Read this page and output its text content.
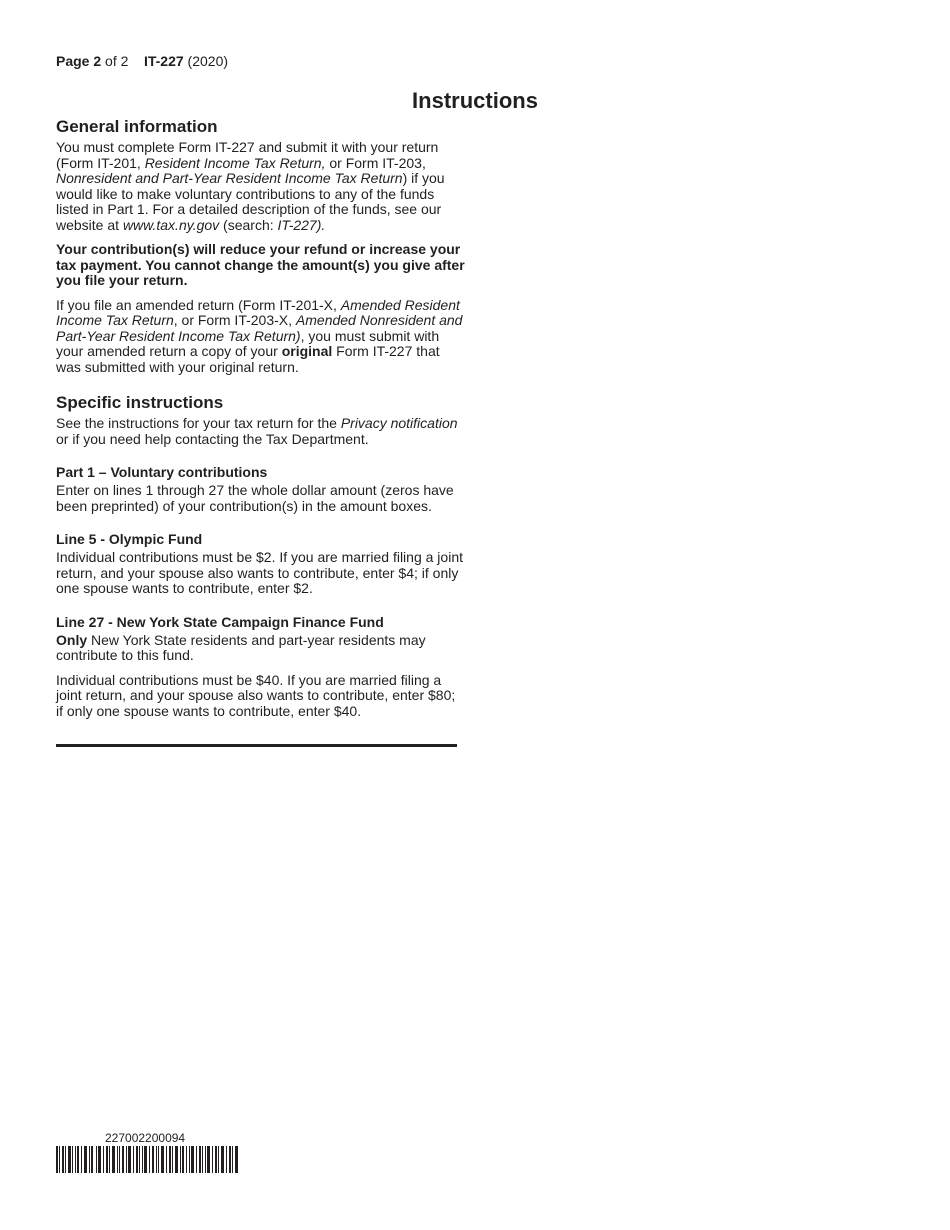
Page 2 of 2 IT-227 (2020)
Instructions
General information

You must complete Form IT-227 and submit it with your return (Form IT-201, Resident Income Tax Return, or Form IT-203, Nonresident and Part-Year Resident Income Tax Return) if you would like to make voluntary contributions to any of the funds listed in Part 1. For a detailed description of the funds, see our website at www.tax.ny.gov (search: IT-227).

Your contribution(s) will reduce your refund or increase your tax payment. You cannot change the amount(s) you give after you file your return.

If you file an amended return (Form IT-201-X, Amended Resident Income Tax Return, or Form IT-203-X, Amended Nonresident and Part-Year Resident Income Tax Return), you must submit with your amended return a copy of your original Form IT-227 that was submitted with your original return.

Specific instructions

See the instructions for your tax return for the Privacy notification or if you need help contacting the Tax Department.

Part 1 – Voluntary contributions

Enter on lines 1 through 27 the whole dollar amount (zeros have been preprinted) of your contribution(s) in the amount boxes.

Line 5 - Olympic Fund

Individual contributions must be $2. If you are married filing a joint return, and your spouse also wants to contribute, enter $4; if only one spouse wants to contribute, enter $2.

Line 27 - New York State Campaign Finance Fund

Only New York State residents and part-year residents may contribute to this fund.

Individual contributions must be $40. If you are married filing a joint return, and your spouse also wants to contribute, enter $80; if only one spouse wants to contribute, enter $40.

227002200094
